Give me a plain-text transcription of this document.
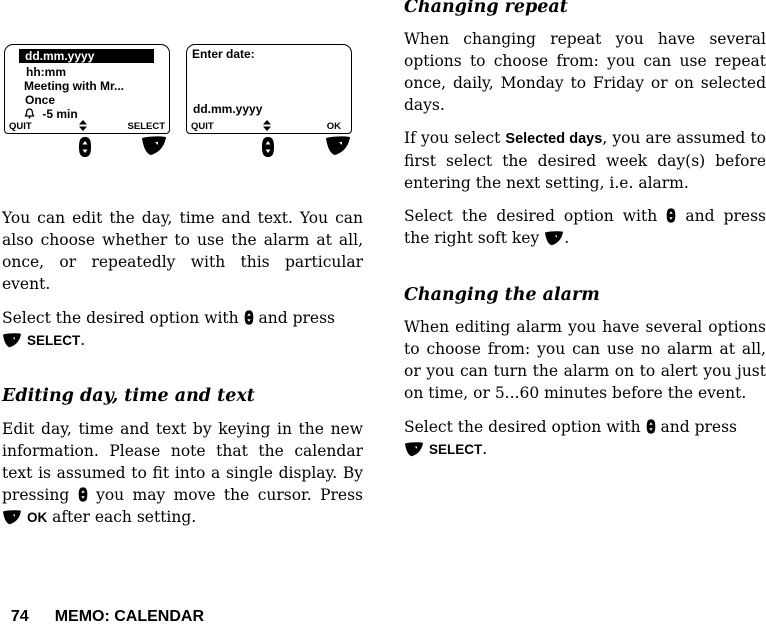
dd.mm.yyyy
hh:mm
Meeting with Mr...
Once
-5 min
QUIT	SELECT
Enter date:
dd.mm.yyyy
QUIT	OK

You can edit the day, time and text. You can also choose whether to use the alarm at all, once, or repeatedly with this particular event.

Select the desired option with and press
SELECT.

Editing day, time and text

Edit day, time and text by keying in the new information. Please note that the calendar text is assumed to fit into a single display. By pressing you may move the cursor. Press  OK after each setting.

Changing repeat

When changing repeat you have several options to choose from: you can use repeat once, daily, Monday to Friday or on selected days.

If you select Selected days, you are assumed to first select the desired week day(s) before entering the next setting, i.e. alarm.

Select the desired option with and press the right soft key .

Changing the alarm

When editing alarm you have several options to choose from: you can use no alarm at all, or you can turn the alarm on to alert you just on time, or 5...60 minutes before the event.

Select the desired option with and press
SELECT.

74 MEMO: CALENDAR
